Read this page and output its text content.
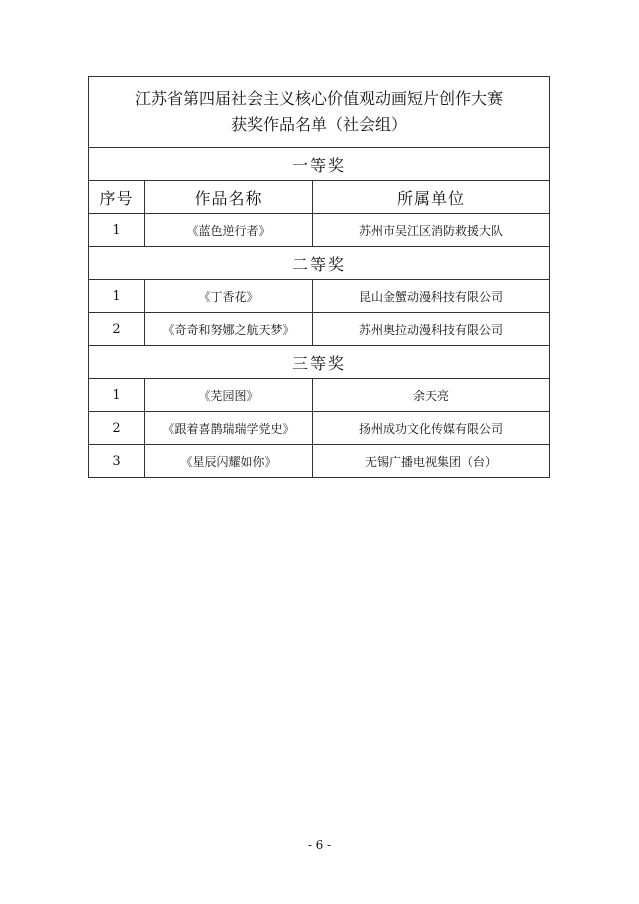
江苏省第四届社会主义核心价值观动画短片创作大赛
获奖作品名单（社会组）		

一等奖		
序号	作品名称	所属单位
1	《蓝色逆行者》	苏州市吴江区消防救援大队
二等奖		
1	《丁香花》	昆山金蟹动漫科技有限公司
2	《奇奇和努娜之航天梦》	苏州奥拉动漫科技有限公司
三等奖		
1	《芜园图》	余天亮
2	《跟着喜鹊瑞瑞学党史》	扬州成功文化传媒有限公司
3	《星辰闪耀如你》	无锡广播电视集团（台）
- 6 -
